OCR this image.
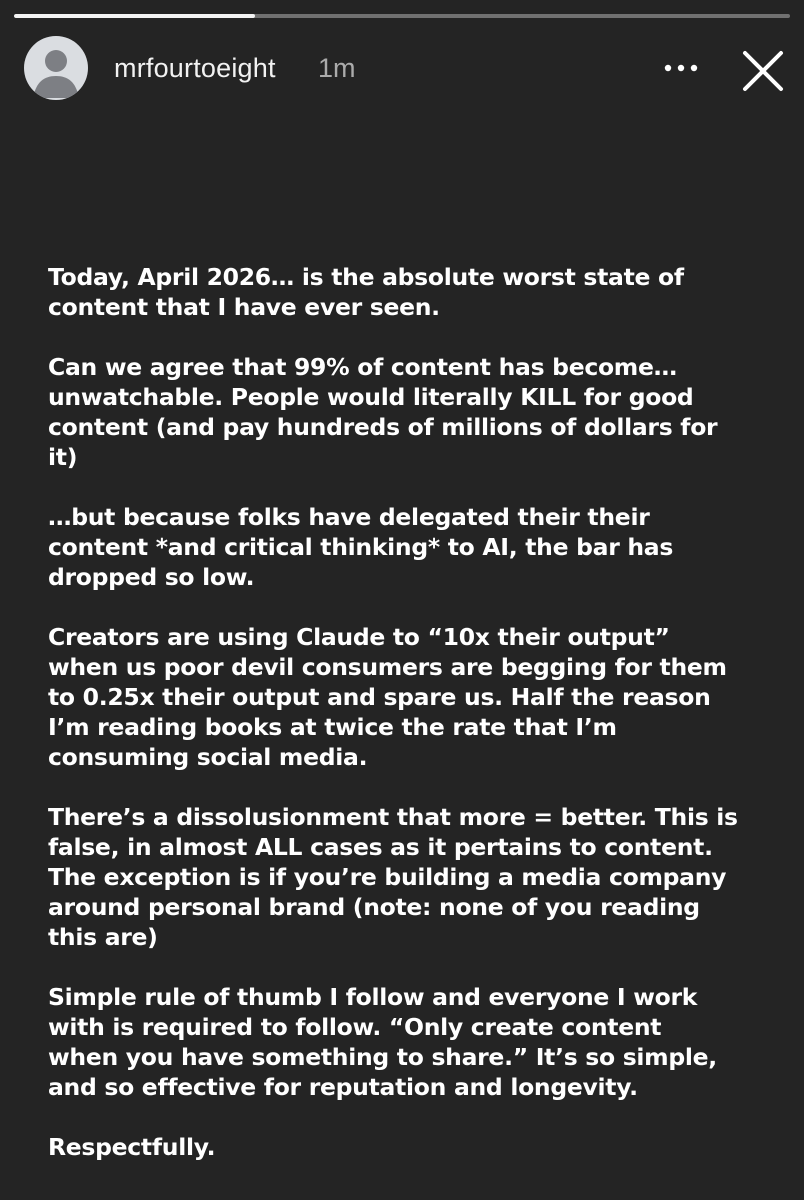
mrfourtoeight 1m

Today, April 2026… is the absolute worst state of
content that I have ever seen.

Can we agree that 99% of content has become…
unwatchable. People would literally KILL for good
content (and pay hundreds of millions of dollars for
it)

…but because folks have delegated their their
content *and critical thinking* to AI, the bar has
dropped so low.

Creators are using Claude to “10x their output”
when us poor devil consumers are begging for them
to 0.25x their output and spare us. Half the reason
I’m reading books at twice the rate that I’m
consuming social media.

There’s a dissolusionment that more = better. This is
false, in almost ALL cases as it pertains to content.
The exception is if you’re building a media company
around personal brand (note: none of you reading
this are)

Simple rule of thumb I follow and everyone I work
with is required to follow. “Only create content
when you have something to share.” It’s so simple,
and so effective for reputation and longevity.

Respectfully.
